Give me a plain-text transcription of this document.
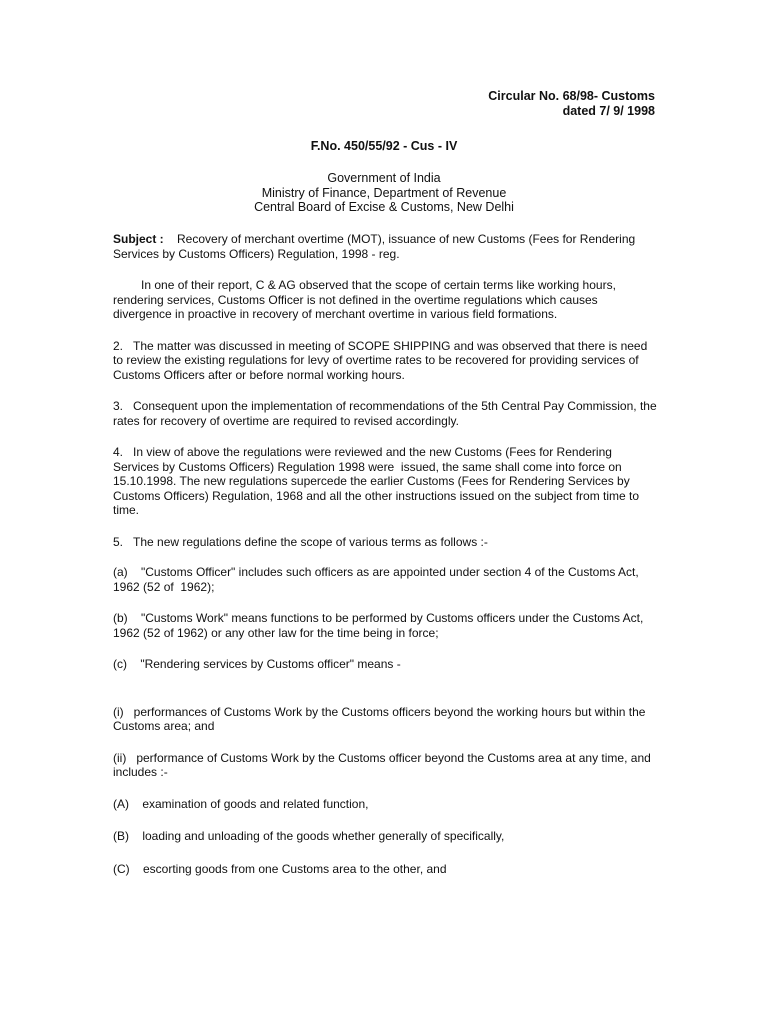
Circular No. 68/98- Customs
dated 7/ 9/ 1998
F.No. 450/55/92 - Cus - IV
Government of India
Ministry of Finance, Department of Revenue
Central Board of Excise & Customs, New Delhi

Subject : Recovery of merchant overtime (MOT), issuance of new Customs (Fees for Rendering Services by Customs Officers) Regulation, 1998 - reg.

In one of their report, C & AG observed that the scope of certain terms like working hours, rendering services, Customs Officer is not defined in the overtime regulations which causes divergence in proactive in recovery of merchant overtime in various field formations.

2.   The matter was discussed in meeting of SCOPE SHIPPING and was observed that there is need to review the existing regulations for levy of overtime rates to be recovered for providing services of Customs Officers after or before normal working hours.

3.   Consequent upon the implementation of recommendations of the 5th Central Pay Commission, the rates for recovery of overtime are required to revised accordingly.

4.   In view of above the regulations were reviewed and the new Customs (Fees for Rendering Services by Customs Officers) Regulation 1998 were  issued, the same shall come into force on 15.10.1998. The new regulations supercede the earlier Customs (Fees for Rendering Services by Customs Officers) Regulation, 1968 and all the other instructions issued on the subject from time to time.

5.   The new regulations define the scope of various terms as follows :-

(a)    "Customs Officer" includes such officers as are appointed under section 4 of the Customs Act, 1962 (52 of  1962);

(b)    "Customs Work" means functions to be performed by Customs officers under the Customs Act, 1962 (52 of 1962) or any other law for the time being in force;

(c)    "Rendering services by Customs officer" means -

(i)   performances of Customs Work by the Customs officers beyond the working hours but within the Customs area; and

(ii)   performance of Customs Work by the Customs officer beyond the Customs area at any time, and includes :-

(A)    examination of goods and related function,

(B)    loading and unloading of the goods whether generally of specifically,

(C)    escorting goods from one Customs area to the other, and
